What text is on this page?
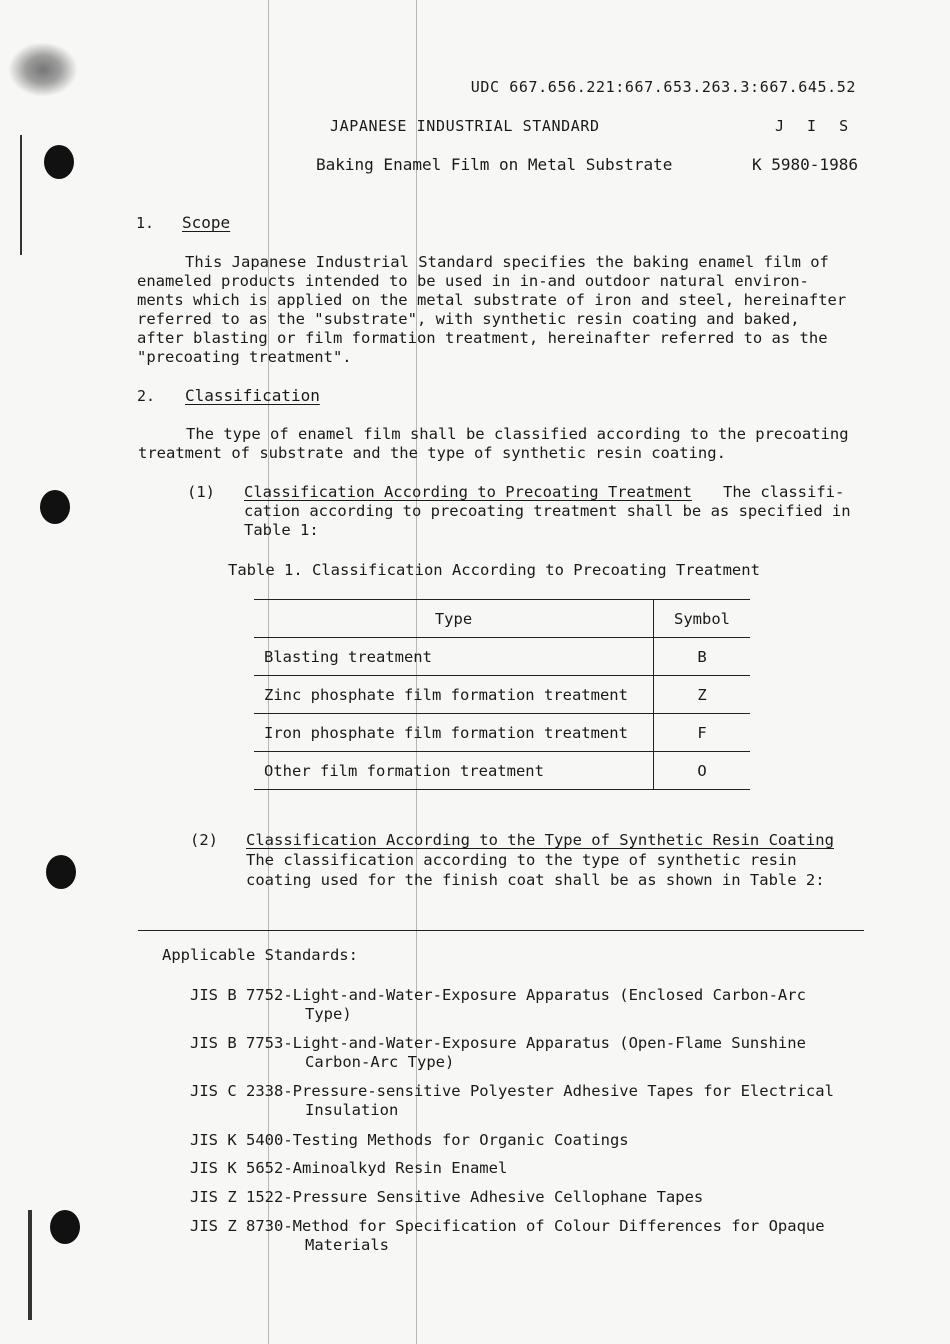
UDC 667.656.221:667.653.263.3:667.645.52
JAPANESE INDUSTRIAL STANDARD	J I S
Baking Enamel Film on Metal Substrate	K 5980-1986
1. Scope
This Japanese Industrial Standard specifies the baking enamel film of
enameled products intended to be used in in-and outdoor natural environ-
ments which is applied on the metal substrate of iron and steel, hereinafter
referred to as the "substrate", with synthetic resin coating and baked,
after blasting or film formation treatment, hereinafter referred to as the
"precoating treatment".
2. Classification
The type of enamel film shall be classified according to the precoating
treatment of substrate and the type of synthetic resin coating.
(1) Classification According to Precoating Treatment The classifi-
cation according to precoating treatment shall be as specified in
Table 1:
Table 1. Classification According to Precoating Treatment
Type	Symbol
Blasting treatment	B
Zinc phosphate film formation treatment	Z
Iron phosphate film formation treatment	F
Other film formation treatment	O
(2) Classification According to the Type of Synthetic Resin Coating
The classification according to the type of synthetic resin
coating used for the finish coat shall be as shown in Table 2:
Applicable Standards:
JIS B 7752-Light-and-Water-Exposure Apparatus (Enclosed Carbon-Arc
Type)
JIS B 7753-Light-and-Water-Exposure Apparatus (Open-Flame Sunshine
Carbon-Arc Type)
JIS C 2338-Pressure-sensitive Polyester Adhesive Tapes for Electrical
Insulation
JIS K 5400-Testing Methods for Organic Coatings
JIS K 5652-Aminoalkyd Resin Enamel
JIS Z 1522-Pressure Sensitive Adhesive Cellophane Tapes
JIS Z 8730-Method for Specification of Colour Differences for Opaque
Materials
